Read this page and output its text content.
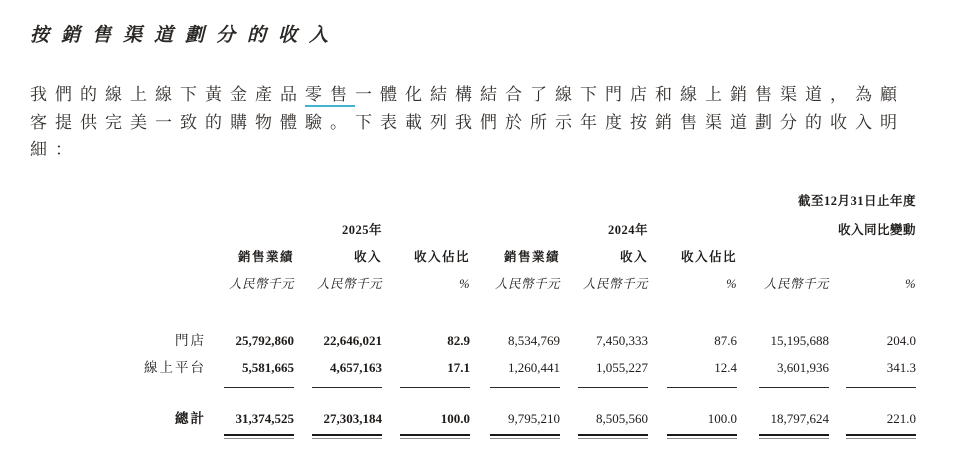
按銷售渠道劃分的收入
我們的線上線下黃金產品零售一體化結構結合了線下門店和線上銷售渠道，為顧
客提供完美一致的購物體驗。下表載列我們於所示年度按銷售渠道劃分的收入明
細：
	截至12月31日止年度							
		2025年			2024年		收入同比變動	
	銷售業績	收入	收入佔比	銷售業績	收入	收入佔比		
	人民幣千元	人民幣千元	%	人民幣千元	人民幣千元	%	人民幣千元	%

門店	25,792,860	22,646,021	82.9	8,534,769	7,450,333	87.6	15,195,688	204.0
線上平台	5,581,665	4,657,163	17.1	1,260,441	1,055,227	12.4	3,601,936	341.3

總計	31,374,525	27,303,184	100.0	9,795,210	8,505,560	100.0	18,797,624	221.0
